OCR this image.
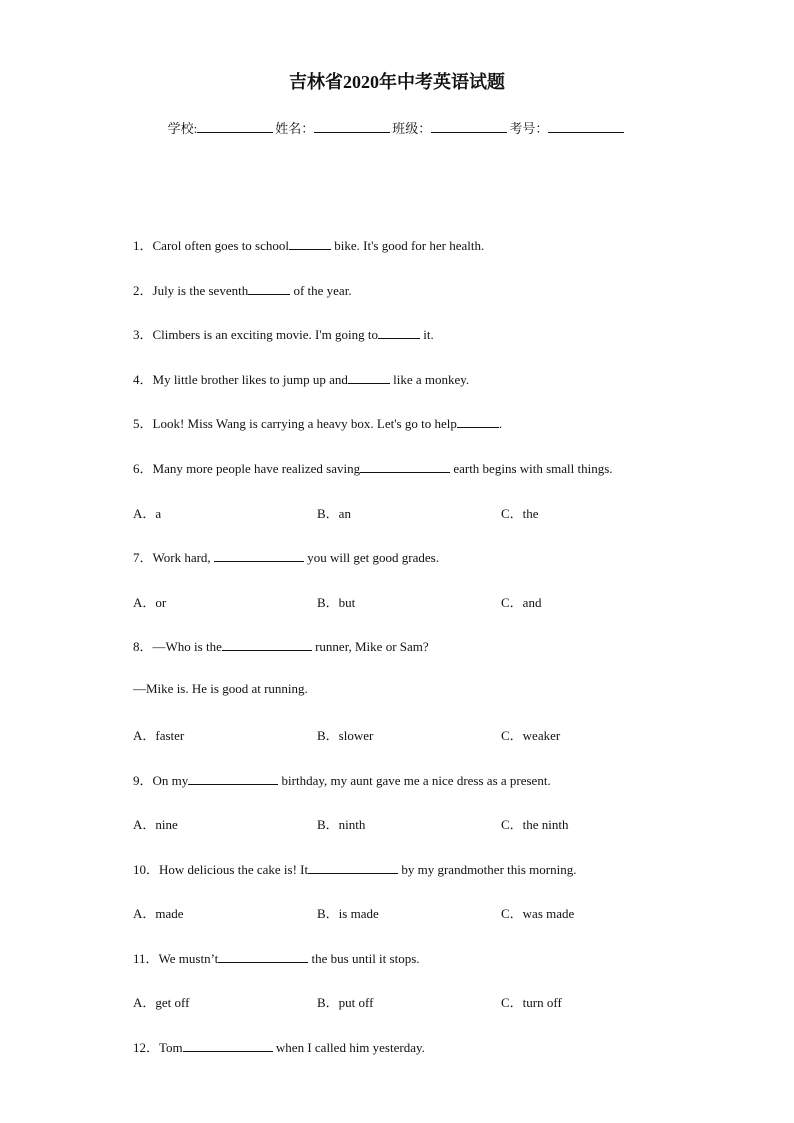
吉林省2020年中考英语试题
学校:	姓名：	班级：	考号：
1．Carol often goes to school	bike. It's good for her health.
2．July is the seventh	of the year.
3．Climbers is an exciting movie. I'm going to	it.
4．My little brother likes to jump up and	like a monkey.
5．Look! Miss Wang is carrying a heavy box. Let's go to help	.
6．Many more people have realized saving	earth begins with small things.
A．a	B．an	C．the
7．Work hard,	you will get good grades.
A．or	B．but	C．and
8．—Who is the	runner, Mike or Sam?
—Mike is. He is good at running.
A．faster	B．slower	C．weaker
9．On my	birthday, my aunt gave me a nice dress as a present.
A．nine	B．ninth	C．the ninth
10．How delicious the cake is! It	by my grandmother this morning.
A．made	B．is made	C．was made
11．We mustn’t	the bus until it stops.
A．get off	B．put off	C．turn off
12．Tom	when I called him yesterday.
